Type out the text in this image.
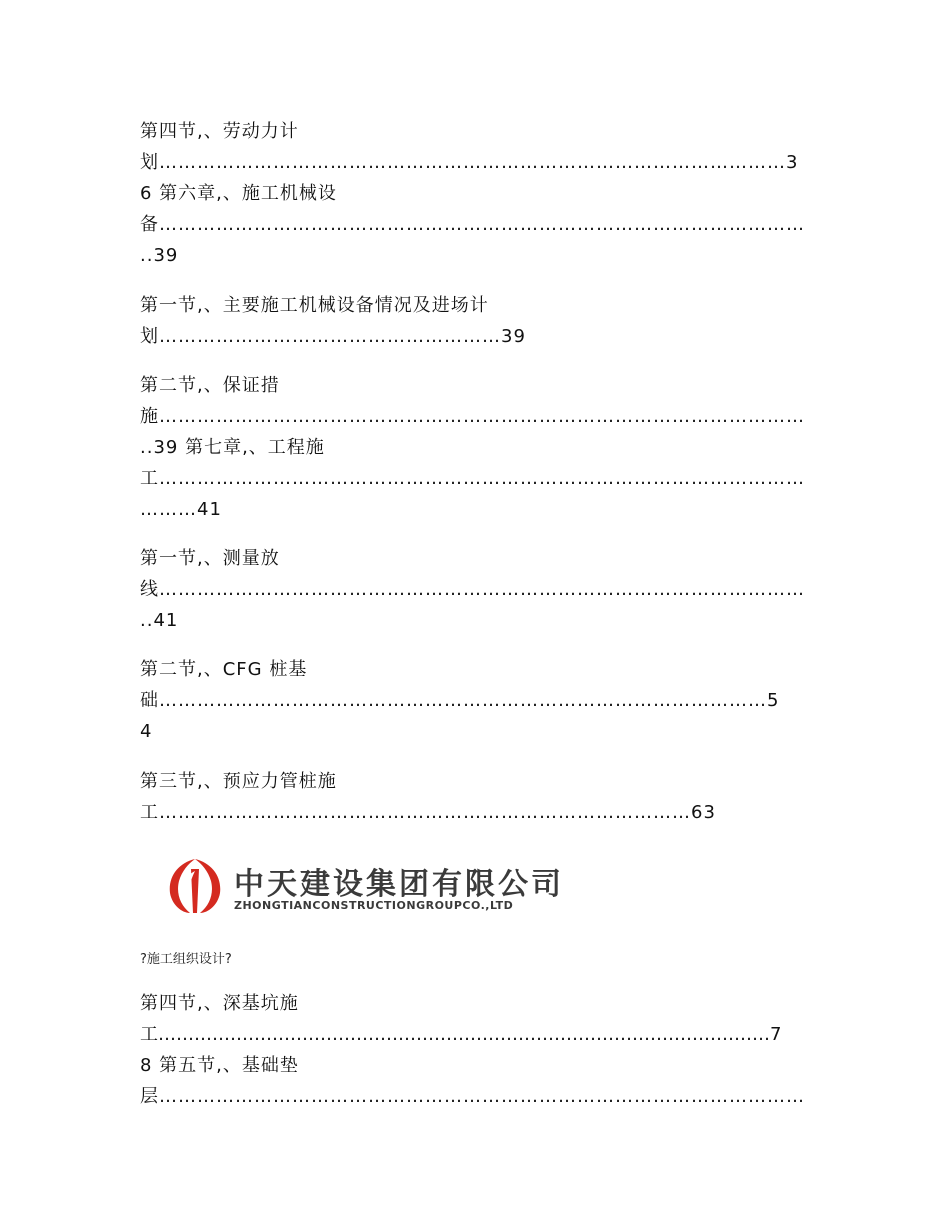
第四节,、劳动力计
划………………………………………………………………………………………3
6 第六章,、施工机械设
备…………………………………………………………………………………………
..39
第一节,、主要施工机械设备情况及进场计
划………………………………………………39
第二节,、保证措
施…………………………………………………………………………………………
..39 第七章,、工程施
工…………………………………………………………………………………………
………41
第一节,、测量放
线…………………………………………………………………………………………
..41
第二节,、CFG 桩基
础……………………………………………………………………………………5
4
第三节,、预应力管桩施
工…………………………………………………………………………63
中天建设集团有限公司
ZHONGTIANCONSTRUCTIONGROUPCO.,LTD
?施工组织设计?
第四节,、深基坑施
工…………………………………………………………………………………………7
8 第五节,、基础垫
层…………………………………………………………………………………………
